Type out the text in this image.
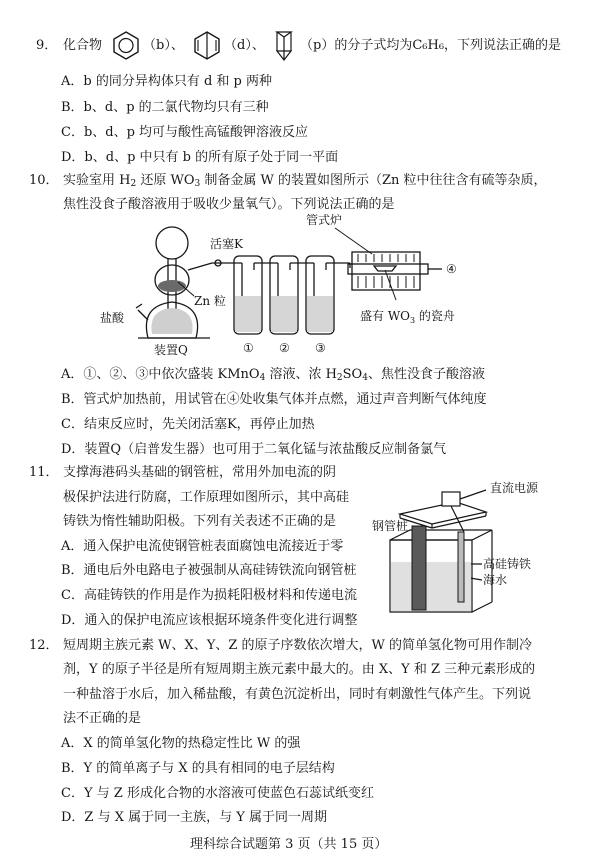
9． 化合物	（b）、	（d）、	（p）的分子式均为C₆H₆，下列说法正确的是
A．b 的同分异构体只有 d 和 p 两种
B．b、d、p 的二氯代物均只有三种
C．b、d、p 均可与酸性高锰酸钾溶液反应
D．b、d、p 中只有 b 的所有原子处于同一平面
10． 实验室用 $H_2$ 还原 $WO_3$ 制备金属 W 的装置如图所示（Zn 粒中往往含有硫等杂质，
焦性没食子酸溶液用于吸收少量氧气）。下列说法正确的是
管式炉
活塞K
Zn 粒
盐酸
装置Q
盛有 $WO_3$ 的瓷舟
① ② ③
④
A．①、②、③中依次盛装 KMnO$_4$ 溶液、浓 $H_2SO_4$、焦性没食子酸溶液
B．管式炉加热前，用试管在④处收集气体并点燃，通过声音判断气体纯度
C．结束反应时，先关闭活塞K，再停止加热
D．装置Q（启普发生器）也可用于二氧化锰与浓盐酸反应制备氯气
11． 支撑海港码头基础的钢管桩，常用外加电流的阴
极保护法进行防腐，工作原理如图所示，其中高硅
铸铁为惰性辅助阳极。下列有关表述不正确的是
A．通入保护电流使钢管桩表面腐蚀电流接近于零
B．通电后外电路电子被强制从高硅铸铁流向钢管桩
C．高硅铸铁的作用是作为损耗阳极材料和传递电流
D．通入的保护电流应该根据环境条件变化进行调整
直流电源
钢管桩
高硅铸铁
海水
12． 短周期主族元素 W、X、Y、Z 的原子序数依次增大，W 的简单氢化物可用作制冷
剂，Y 的原子半径是所有短周期主族元素中最大的。由 X、Y 和 Z 三种元素形成的
一种盐溶于水后，加入稀盐酸，有黄色沉淀析出，同时有刺激性气体产生。下列说
法不正确的是
A．X 的简单氢化物的热稳定性比 W 的强
B．Y 的简单离子与 X 的具有相同的电子层结构
C．Y 与 Z 形成化合物的水溶液可使蓝色石蕊试纸变红
D．Z 与 X 属于同一主族，与 Y 属于同一周期
理科综合试题第 3 页（共 15 页）
